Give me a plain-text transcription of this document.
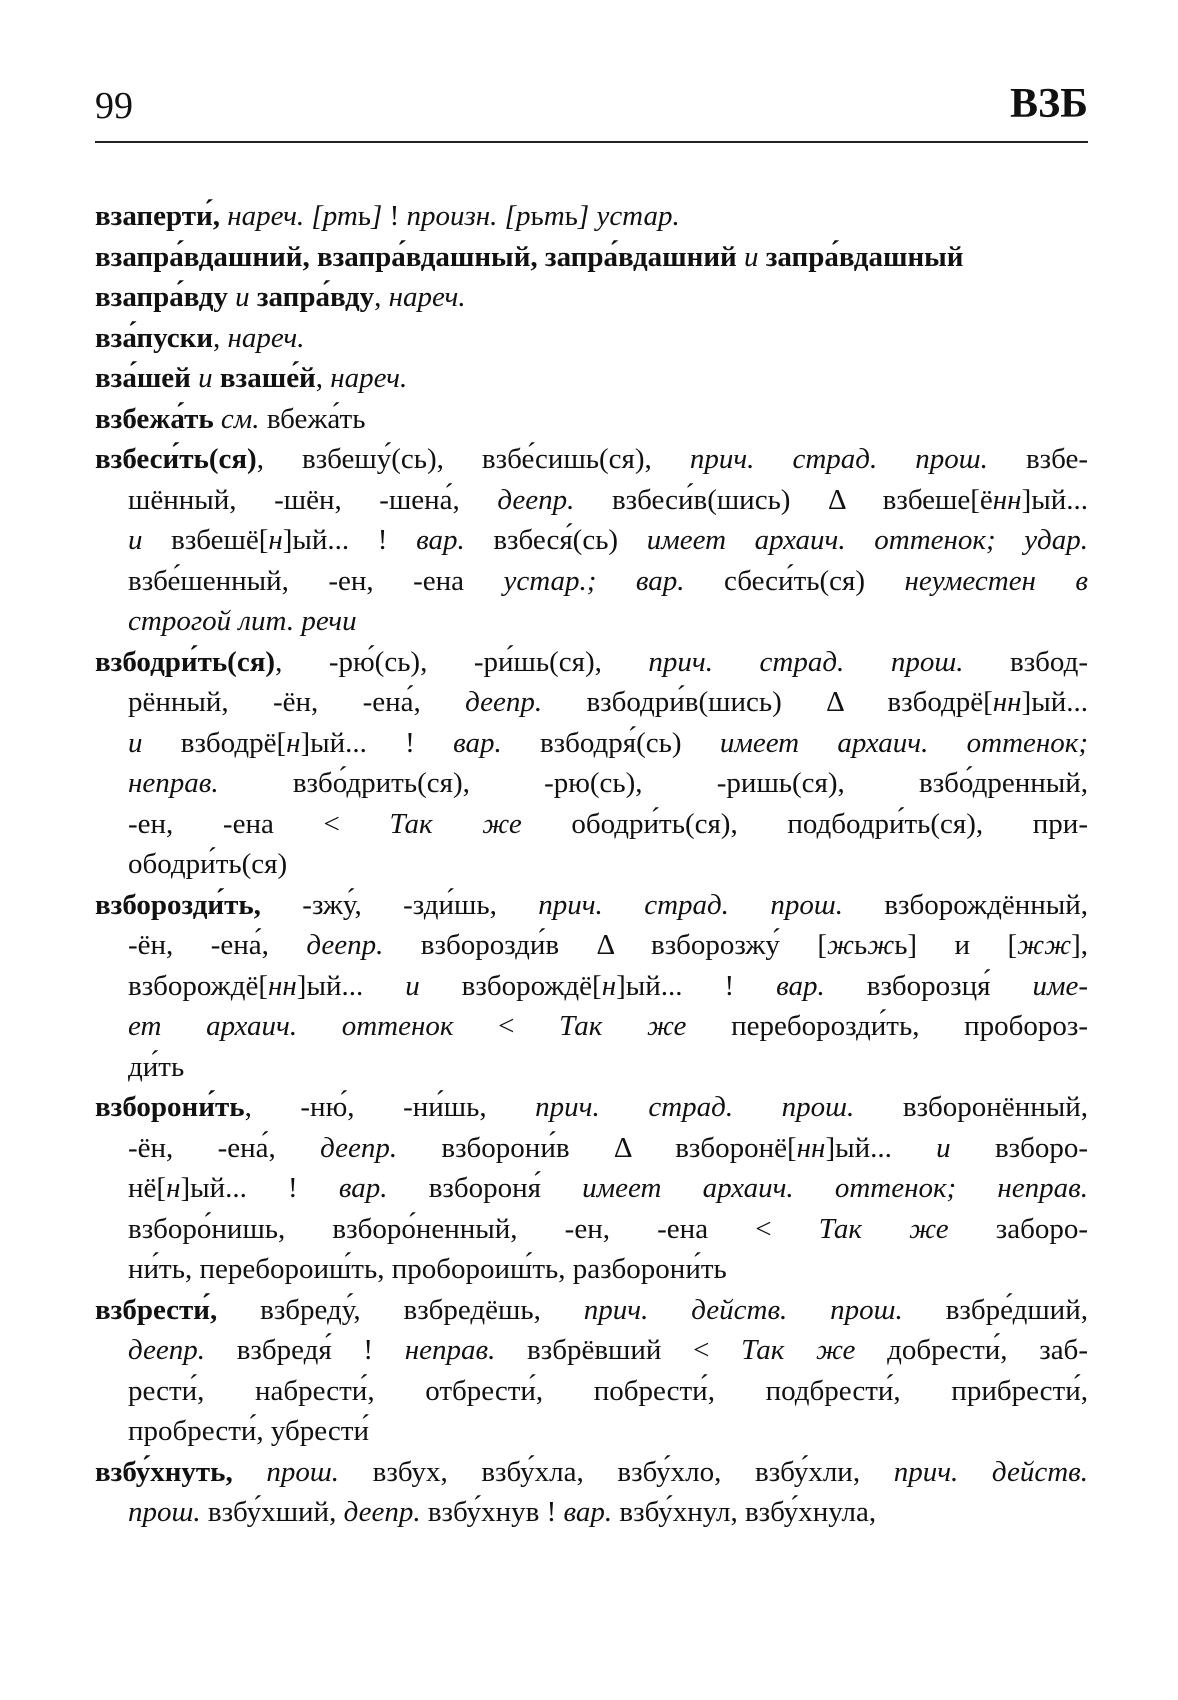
99	ВЗБ
взаперти́, нареч. [рть] ! произн. [рьть] устар.
взапра́вдашний, взапра́вдашный, запра́вдашний и запра́вдашный
взапра́вду и запра́вду, нареч.
вза́пуски, нареч.
вза́шей и взаше́й, нареч.
взбежа́ть см. вбежа́ть
взбеси́ть(ся), взбешу́(сь), взбе́сишь(ся), прич. страд. прош. взбе-
шённый, -шён, -шена́, деепр. взбеси́в(шись) Δ взбеше[ённ]ый...
и взбешё[н]ый... ! вар. взбеся́(сь) имеет архаич. оттенок; удар.
взбе́шенный, -ен, -ена устар.; вар. сбеси́ть(ся) неуместен в
строгой лит. речи
взбодри́ть(ся), -рю́(сь), -ри́шь(ся), прич. страд. прош. взбод-
рённый, -ён, -ена́, деепр. взбодри́в(шись) Δ взбодрё[нн]ый...
и взбодрё[н]ый... ! вар. взбодря́(сь) имеет архаич. оттенок;
неправ. взбо́дрить(ся), -рю(сь), -ришь(ся), взбо́дренный,
-ен, -ена < Так же ободри́ть(ся), подбодри́ть(ся), при-
ободри́ть(ся)
взборозди́ть, -зжу́, -зди́шь, прич. страд. прош. взборождённый,
-ён, -ена́, деепр. взборозди́в Δ взборозжу́ [жьжь] и [жж],
взборождё[нн]ый... и взборождё[н]ый... ! вар. взборозця́ име-
ет архаич. оттенок < Так же переборозди́ть, пробороз-
ди́ть
взборони́ть, -ню́, -ни́шь, прич. страд. прош. взборонённый,
-ён, -ена́, деепр. взборони́в Δ взборонё[нн]ый... и взборо-
нё[н]ый... ! вар. взбороня́ имеет архаич. оттенок; неправ.
взборо́нишь, взборо́ненный, -ен, -ена < Так же заборо-
ни́ть, перебороиш́ть, пробороиш́ть, разборони́ть
взбрести́, взбреду́, взбредёшь, прич. действ. прош. взбре́дший,
деепр. взбредя́ ! неправ. взбрёвший < Так же добрести́, заб-
рести́, набрести́, отбрести́, побрести́, подбрести́, прибрести́,
пробрести́, убрести́
взбу́хнуть, прош. взбух, взбу́хла, взбу́хло, взбу́хли, прич. действ.
прош. взбу́хший, деепр. взбу́хнув ! вар. взбу́хнул, взбу́хнула,
